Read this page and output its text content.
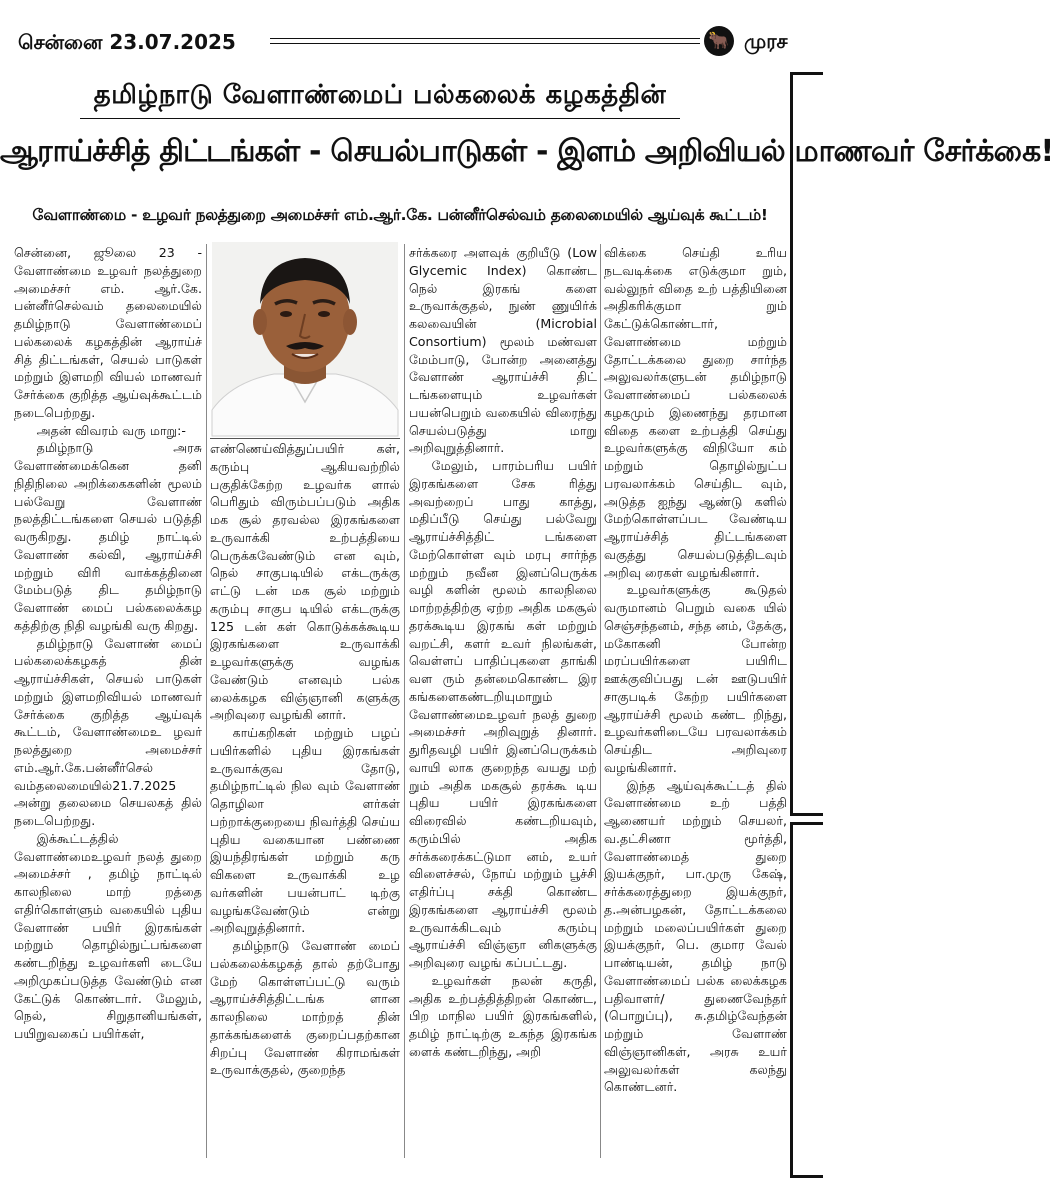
சென்னை 23.07.2025	🐂 முரச
தமிழ்நாடு வேளாண்மைப் பல்கலைக் கழகத்தின்
ஆராய்ச்சித் திட்டங்கள் - செயல்பாடுகள் - இளம் அறிவியல் மாணவர் சேர்க்கை!
வேளாண்மை - உழவர் நலத்துறை அமைச்சர் எம்.ஆர்.கே. பன்னீர்செல்வம் தலைமையில் ஆய்வுக் கூட்டம்!

சென்னை, ஜூலை 23 - வேளாண்மை உழவர் நலத்துறை அமைச்சர் எம். ஆர்.கே. பன்னீர்செல்வம் தலைமையில் தமிழ்நாடு வேளாண்மைப் பல்கலைக் கழகத்தின் ஆராய்ச் சித் திட்டங்கள், செயல் பாடுகள் மற்றும் இளமறி வியல் மாணவர் சேர்க்கை குறித்த ஆய்வுக்கூட்டம் நடைபெற்றது.

அதன் விவரம் வரு மாறு:-

தமிழ்நாடு அரசு வேளாண்மைக்கென தனி நிதிநிலை அறிக்கைகளின் மூலம் பல்வேறு வேளாண் நலத்திட்டங்களை செயல் படுத்தி வருகிறது. தமிழ் நாட்டில் வேளாண் கல்வி, ஆராய்ச்சி மற்றும் விரி வாக்கத்தினை மேம்படுத் திட தமிழ்நாடு வேளாண் மைப் பல்கலைக்கழ கத்திற்கு நிதி வழங்கி வரு கிறது.

தமிழ்நாடு வேளாண் மைப் பல்கலைக்கழகத் தின் ஆராய்ச்சிகள், செயல் பாடுகள் மற்றும் இளமறிவியல் மாணவர் சேர்க்கை குறித்த ஆய்வுக் கூட்டம், வேளாண்மைஉ ழவர் நலத்துறை அமைச்சர் எம்.ஆர்.கே.பன்னீர்செல் வம்தலைமையில்21.7.2025 அன்று தலைமை செயலகத் தில் நடைபெற்றது.

இக்கூட்டத்தில் வேளாண்மைஉழவர் நலத் துறை அமைச்சர் , தமிழ் நாட்டில் காலநிலை மாற் றத்தை எதிர்கொள்ளும் வகையில் புதிய வேளாண் பயிர் இரகங்கள் மற்றும் தொழில்நுட்பங்களை கண்டறிந்து உழவர்களி டையே அறிமுகப்படுத்த வேண்டும் என கேட்டுக் கொண்டார். மேலும், நெல், சிறுதானியங்கள், பயிறுவகைப் பயிர்கள்,

எண்ணெய்வித்துப்பயிர் கள், கரும்பு ஆகியவற்றில் பகுதிக்கேற்ற உழவர்க ளால் பெரிதும் விரும்பப்படும் அதிக மக சூல் தரவல்ல இரகங்களை உருவாக்கி உற்பத்தியை பெருக்கவேண்டும் என வும், நெல் சாகுபடியில் எக்டருக்கு எட்டு டன் மக சூல் மற்றும் கரும்பு சாகுப டியில் எக்டருக்கு 125 டன் கள் கொடுக்கக்கூடிய இரகங்களை உருவாக்கி உழவர்களுக்கு வழங்க வேண்டும் எனவும் பல்க லைக்கழக விஞ்ஞானி களுக்கு அறிவுரை வழங்கி னார்.

காய்கறிகள் மற்றும் பழப் பயிர்களில் புதிய இரகங்கள் உருவாக்குவ தோடு, தமிழ்நாட்டில் நில வும் வேளாண் தொழிலா ளர்கள் பற்றாக்குறையை நிவர்த்தி செய்ய புதிய வகையான பண்ணை இயந்திரங்கள் மற்றும் கரு விகளை உருவாக்கி உழ வர்களின் பயன்பாட் டிற்கு வழங்கவேண்டும் என்று அறிவுறுத்தினார்.

தமிழ்நாடு வேளாண் மைப் பல்கலைக்கழகத் தால் தற்போது மேற் கொள்ளப்பட்டு வரும் ஆராய்ச்சித்திட்டங்க ளான காலநிலை மாற்றத் தின் தாக்கங்களைக் குறைப்பதற்கான சிறப்பு வேளாண் கிராமங்கள் உருவாக்குதல், குறைந்த

சர்க்கரை அளவுக் குறியீடு (Low Glycemic Index) கொண்ட நெல் இரகங் களை உருவாக்குதல், நுண் ணுயிர்க் கலவையின் (Microbial Consortium) மூலம் மண்வள மேம்பாடு, போன்ற அனைத்து வேளாண் ஆராய்ச்சி திட் டங்களையும் உழவர்கள் பயன்பெறும் வகையில் விரைந்து செயல்படுத்து மாறு அறிவுறுத்தினார்.

மேலும், பாரம்பரிய பயிர் இரகங்களை சேக ரித்து அவற்றைப் பாது காத்து, மதிப்பீடு செய்து பல்வேறு ஆராய்ச்சித்திட் டங்களை மேற்கொள்ள வும் மரபு சார்ந்த மற்றும் நவீன இனப்பெருக்க வழி களின் மூலம் காலநிலை மாற்றத்திற்கு ஏற்ற அதிக மகசூல் தரக்கூடிய இரகங் கள் மற்றும் வறட்சி, களர் உவர் நிலங்கள், வெள்ளப் பாதிப்புகளை தாங்கி வள ரும் தன்மைகொண்ட இர கங்களைகண்டறியுமாறும் வேளாண்மைஉழவர் நலத் துறை அமைச்சர் அறிவுறுத் தினார். துரிதவழி பயிர் இனப்பெருக்கம் வாயி லாக குறைந்த வயது மற் றும் அதிக மகசூல் தரக்கூ டிய புதிய பயிர் இரகங்களை விரைவில் கண்டறியவும், கரும்பில் அதிக சர்க்கரைக்கட்டுமா னம், உயர் விளைச்சல், நோய் மற்றும் பூச்சி எதிர்ப்பு சக்தி கொண்ட இரகங்களை ஆராய்ச்சி மூலம் உருவாக்கிடவும் கரும்பு ஆராய்ச்சி விஞ்ஞா னிகளுக்கு அறிவுரை வழங் கப்பட்டது.

உழவர்கள் நலன் கருதி, அதிக உற்பத்தித்திறன் கொண்ட, பிற மாநில பயிர் இரகங்களில், தமிழ் நாட்டிற்கு உகந்த இரகங்க ளைக் கண்டறிந்து, அறி

விக்கை செய்தி உரிய நடவடிக்கை எடுக்குமா றும், வல்லுநர் விதை உற் பத்தியினை அதிகரிக்குமா றும் கேட்டுக்கொண்டார், வேளாண்மை மற்றும் தோட்டக்கலை துறை சார்ந்த அலுவலர்களுடன் தமிழ்நாடு வேளாண்மைப் பல்கலைக் கழகமும் இணைந்து தரமான விதை களை உற்பத்தி செய்து உழவர்களுக்கு விநியோ கம் மற்றும் தொழில்நுட்ப பரவலாக்கம் செய்திட வும், அடுத்த ஐந்து ஆண்டு களில் மேற்கொள்ளப்பட வேண்டிய ஆராய்ச்சித் திட்டங்களை வகுத்து செயல்படுத்திடவும் அறிவு ரைகள் வழங்கினார்.

உழவர்களுக்கு கூடுதல் வருமானம் பெறும் வகை யில் செஞ்சந்தனம், சந்த னம், தேக்கு, மகோகனி போன்ற மரப்பயிர்களை பயிரிட ஊக்குவிப்பது டன் ஊடுபயிர் சாகுபடிக் கேற்ற பயிர்களை ஆராய்ச்சி மூலம் கண்ட றிந்து, உழவர்களிடையே பரவலாக்கம் செய்திட அறிவுரை வழங்கினார்.

இந்த ஆய்வுக்கூட்டத் தில் வேளாண்மை உற் பத்தி ஆணையர் மற்றும் செயலர், வ.தட்சிணா மூர்த்தி, வேளாண்மைத் துறை இயக்குநர், பா.முரு கேஷ், சர்க்கரைத்துறை இயக்குநர், த.அன்பழகன், தோட்டக்கலை மற்றும் மலைப்பயிர்கள் துறை இயக்குநர், பெ. குமார வேல் பாண்டியன், தமிழ் நாடு வேளாண்மைப் பல்க லைக்கழக பதிவாளர்/ துணைவேந்தர் (பொறுப்பு), சு.தமிழ்வேந்தன் மற்றும் வேளாண் விஞ்ஞானிகள், அரசு உயர் அலுவலர்கள் கலந்து கொண்டனர்.
